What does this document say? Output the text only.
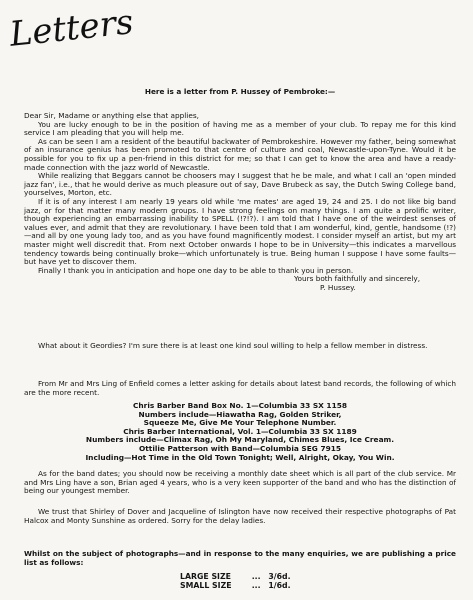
Letters

Here is a letter from P. Hussey of Pembroke:—

Dear Sir, Madame or anything else that applies,

You are lucky enough to be in the position of having me as a member of your club. To repay me for this kind service I am pleading that you will help me.

As can be seen I am a resident of the beautiful backwater of Pembrokeshire. However my father, being somewhat of an insurance genius has been promoted to that centre of culture and coal, Newcastle-upon-Tyne. Would it be possible for you to fix up a pen-friend in this district for me; so that I can get to know the area and have a ready-made connection with the jazz world of Newcastle.

While realizing that Beggars cannot be choosers may I suggest that he be male, and what I call an 'open minded jazz fan', i.e., that he would derive as much pleasure out of say, Dave Brubeck as say, the Dutch Swing College band, yourselves, Morton, etc.

If it is of any interest I am nearly 19 years old while 'me mates' are aged 19, 24 and 25. I do not like big band jazz, or for that matter many modern groups. I have strong feelings on many things. I am quite a prolific writer, though experiencing an embarrassing inability to SPELL (!?!?). I am told that I have one of the weirdest senses of values ever, and admit that they are revolutionary. I have been told that I am wonderful, kind, gentle, handsome (!?)—and all by one young lady too, and as you have found magnificently modest. I consider myself an artist, but my art master might well discredit that. From next October onwards I hope to be in University—this indicates a marvellous tendency towards being continually broke—which unfortunately is true. Being human I suppose I have some faults—but have yet to discover them.

Finally I thank you in anticipation and hope one day to be able to thank you in person.

Yours both faithfully and sincerely,

P. Hussey.

What about it Geordies? I'm sure there is at least one kind soul willing to help a fellow member in distress.

From Mr and Mrs Ling of Enfield comes a letter asking for details about latest band records, the following of which are the more recent.

Chris Barber Band Box No. 1—Columbia 33 SX 1158

Numbers include—Hiawatha Rag, Golden Striker,

Squeeze Me, Give Me Your Telephone Number.

Chris Barber International, Vol. 1—Columbia 33 SX 1189

Numbers include—Climax Rag, Oh My Maryland, Chimes Blues, Ice Cream.

Ottilie Patterson with Band—Columbia SEG 7915

Including—Hot Time in the Old Town Tonight; Well, Alright, Okay, You Win.

As for the band dates; you should now be receiving a monthly date sheet which is all part of the club service. Mr and Mrs Ling have a son, Brian aged 4 years, who is a very keen supporter of the band and who has the distinction of being our youngest member.

We trust that Shirley of Dover and Jacqueline of Islington have now received their respective photographs of Pat Halcox and Monty Sunshine as ordered. Sorry for the delay ladies.

Whilst on the subject of photographs—and in response to the many enquiries, we are publishing a price list as follows:

LARGE SIZE	... 3/6d.
SMALL SIZE	... 1/6d.
